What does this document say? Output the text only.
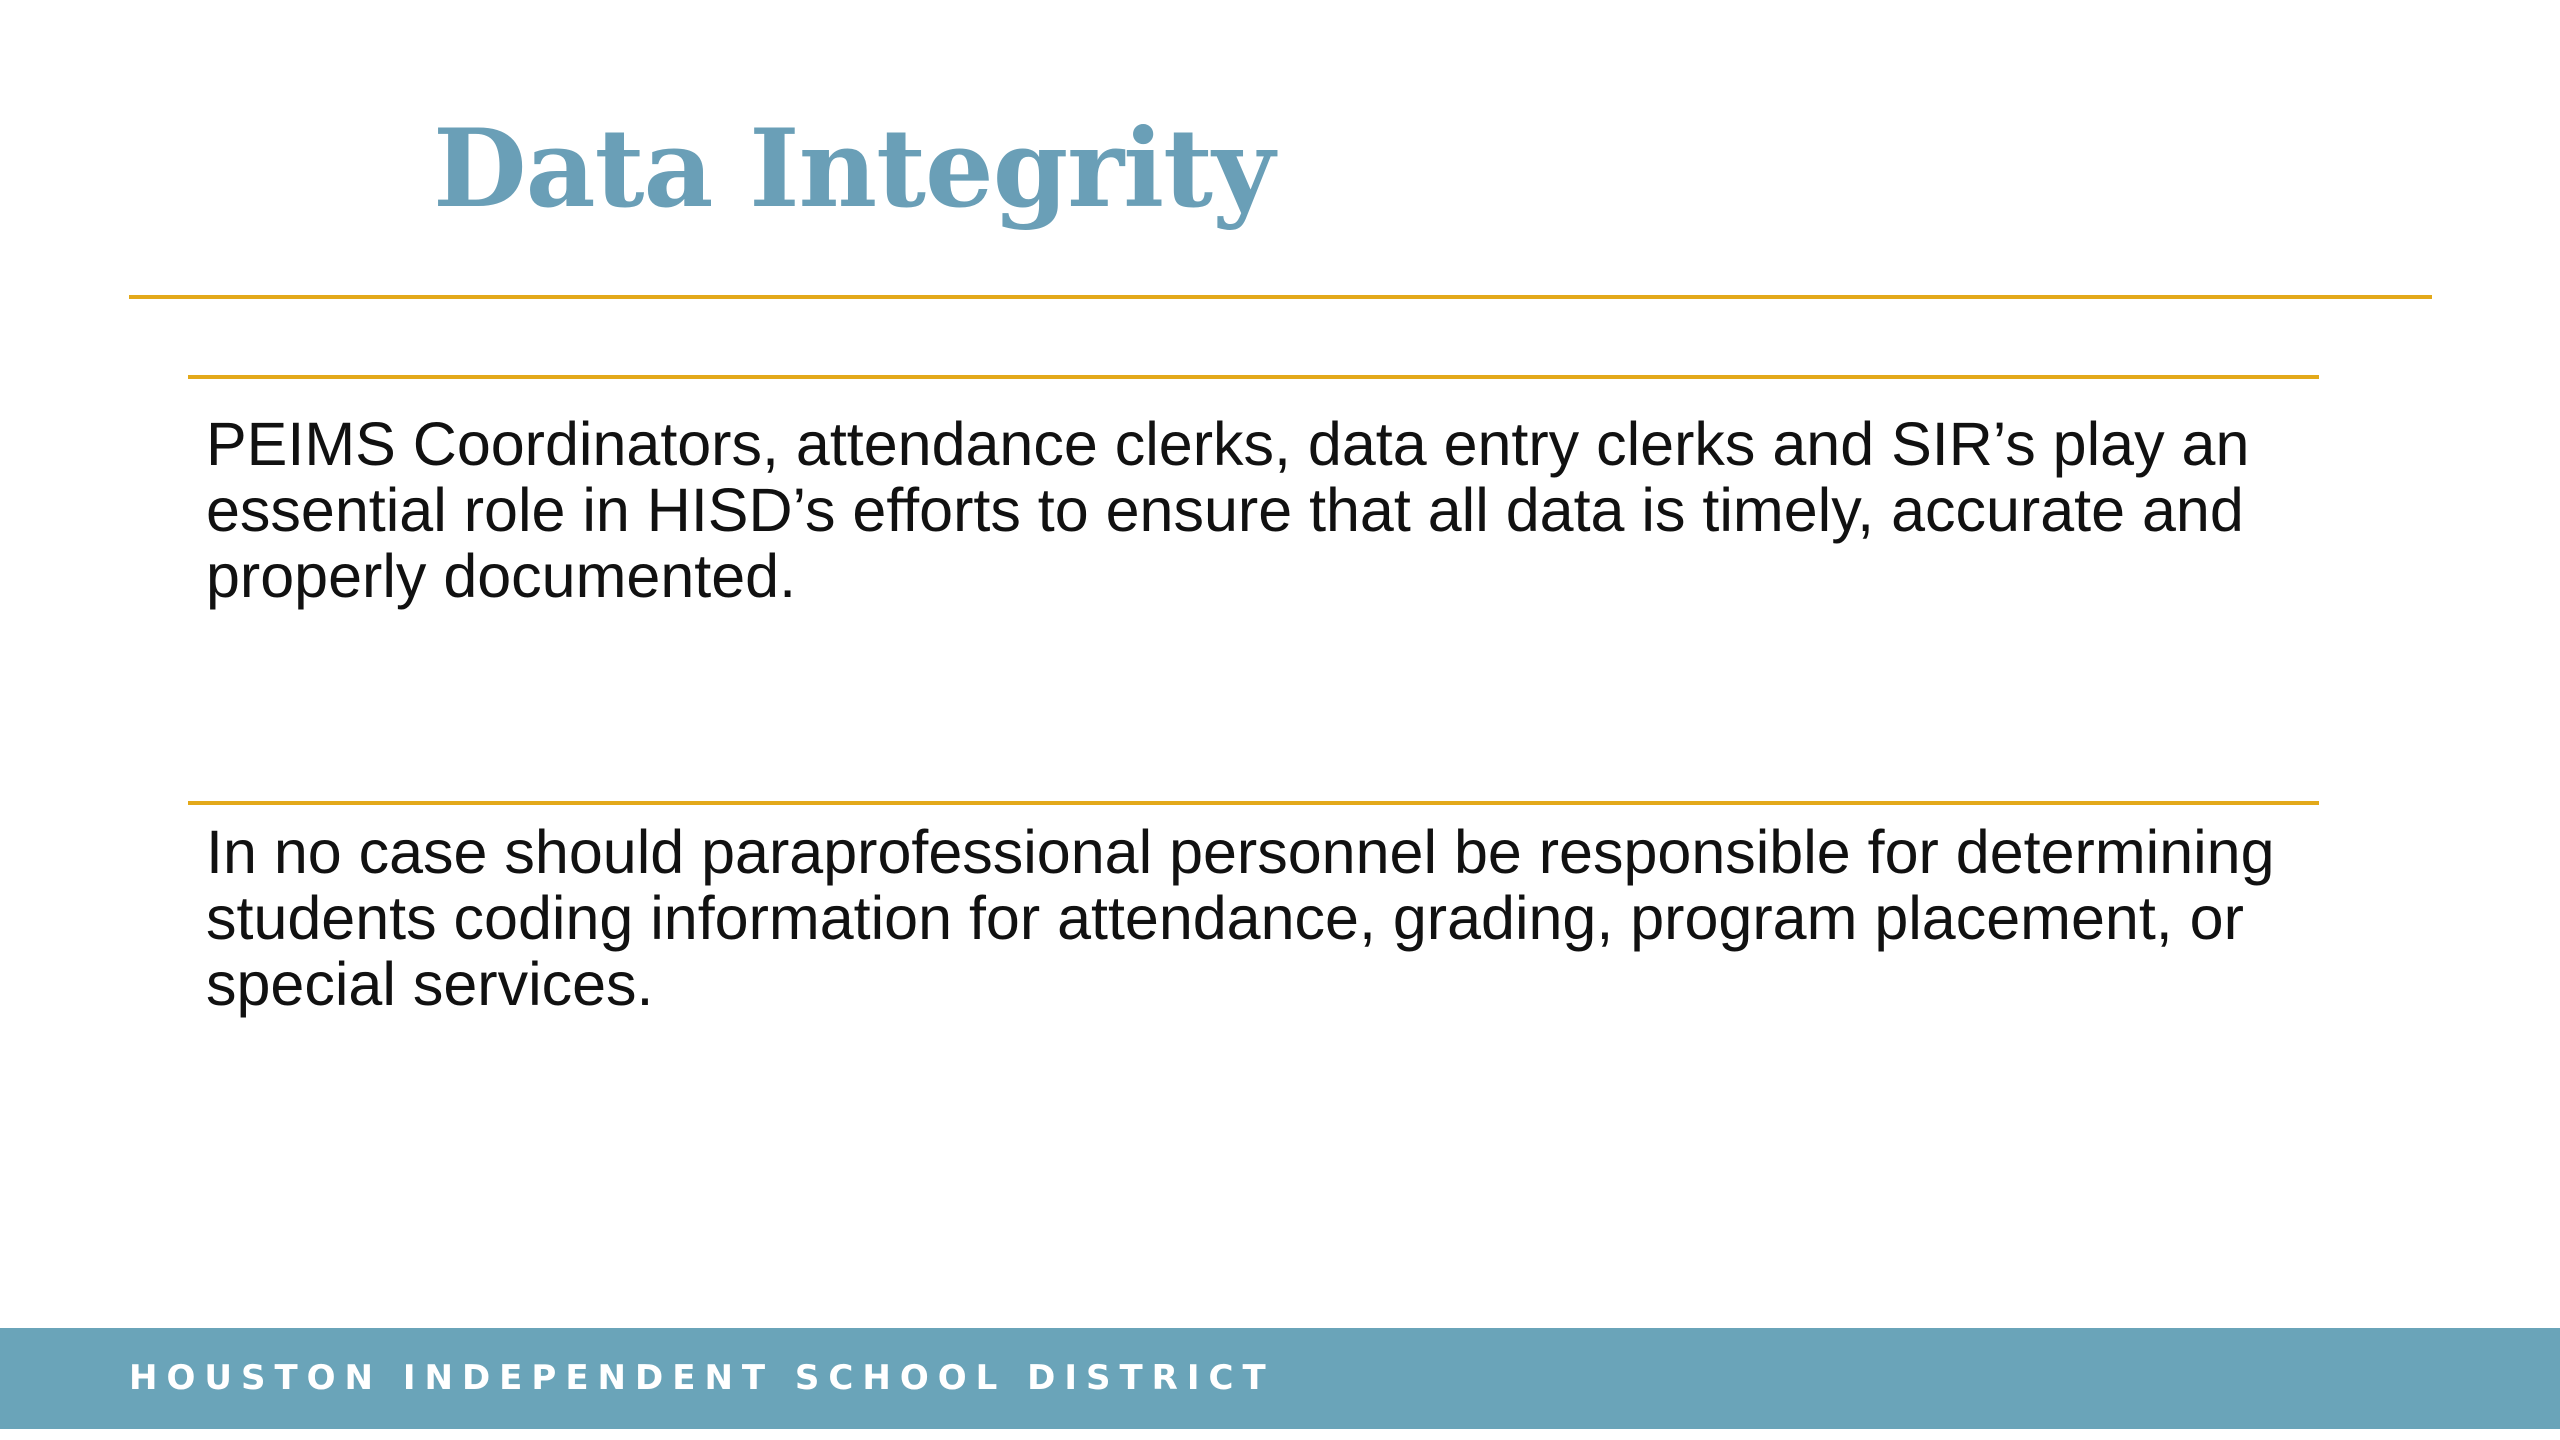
Data Integrity

PEIMS Coordinators, attendance clerks, data entry clerks and SIR’s play an essential role in HISD’s efforts to ensure that all data is timely, accurate and properly documented.

In no case should paraprofessional personnel be responsible for determining students coding information for attendance, grading, program placement, or special services.

HOUSTON INDEPENDENT SCHOOL DISTRICT
